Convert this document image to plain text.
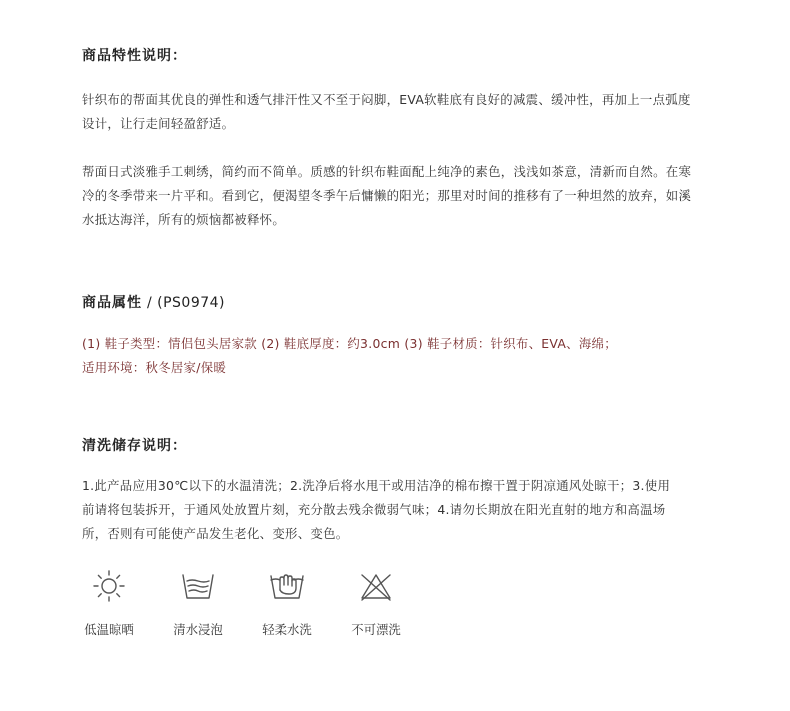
商品特性说明：
针织布的帮面其优良的弹性和透气排汗性又不至于闷脚，EVA软鞋底有良好的减震、缓冲性，再加上一点弧度
设计，让行走间轻盈舒适。
帮面日式淡雅手工刺绣，简约而不简单。质感的针织布鞋面配上纯净的素色，浅浅如茶意，清新而自然。在寒
冷的冬季带来一片平和。看到它，便渴望冬季午后慵懒的阳光；那里对时间的推移有了一种坦然的放弃，如溪
水抵达海洋，所有的烦恼都被释怀。
商品属性 / (PS0974)
(1) 鞋子类型：情侣包头居家款 (2) 鞋底厚度：约3.0cm (3) 鞋子材质：针织布、EVA、海绵；
适用环境：秋冬居家/保暖
清洗储存说明：
1.此产品应用30℃以下的水温清洗；2.洗净后将水甩干或用洁净的棉布擦干置于阴凉通风处晾干；3.使用
前请将包装拆开，于通风处放置片刻，充分散去残余微弱气味；4.请勿长期放在阳光直射的地方和高温场
所，否则有可能使产品发生老化、变形、变色。
低温晾晒	清水浸泡	轻柔水洗	不可漂洗
